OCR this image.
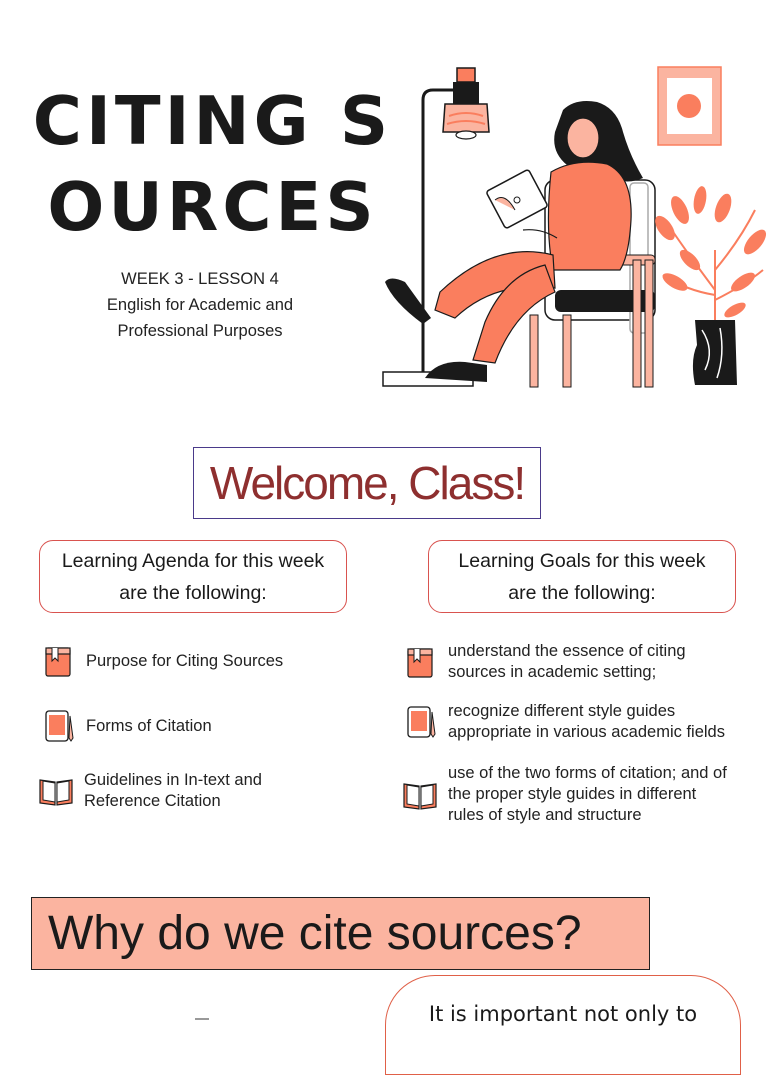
CITING SOURCES
WEEK 3 - LESSON 4
English for Academic and
Professional Purposes
Welcome, Class!
Learning Agenda for this week
are the following:
Learning Goals for this week
are the following:
Purpose for Citing Sources
Forms of Citation
Guidelines in In-text and
Reference Citation
understand the essence of citing
sources in academic setting;
recognize different style guides
appropriate in various academic fields
use of the two forms of citation; and of
the proper style guides in different
rules of style and structure
Why do we cite sources?
It is important not only to
